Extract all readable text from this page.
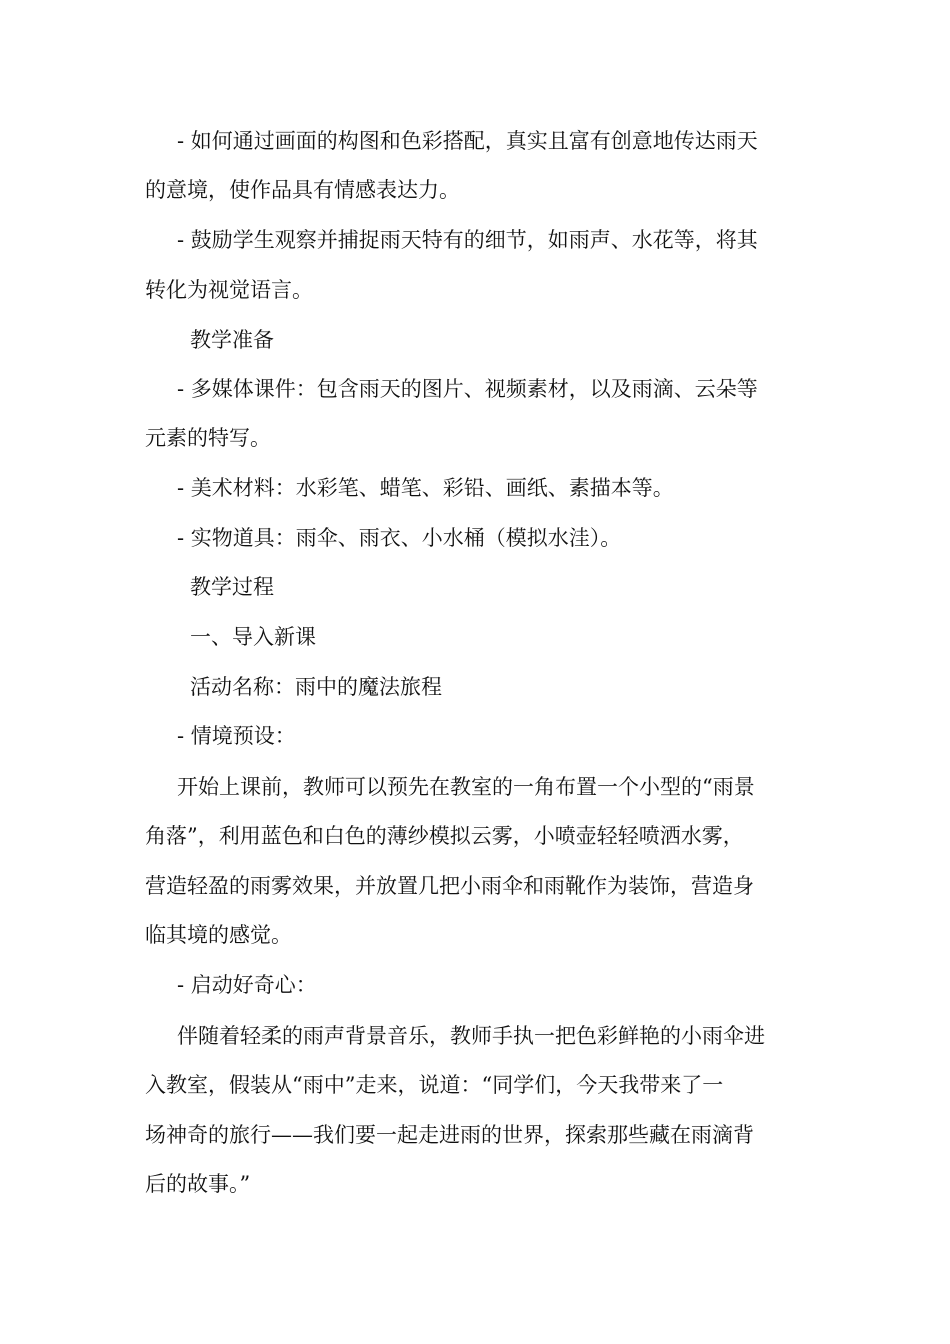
- 如何通过画面的构图和色彩搭配，真实且富有创意地传达雨天

的意境，使作品具有情感表达力。

- 鼓励学生观察并捕捉雨天特有的细节，如雨声、水花等，将其

转化为视觉语言。

教学准备

- 多媒体课件：包含雨天的图片、视频素材，以及雨滴、云朵等

元素的特写。

- 美术材料：水彩笔、蜡笔、彩铅、画纸、素描本等。

- 实物道具：雨伞、雨衣、小水桶（模拟水洼）。

教学过程

一、导入新课

活动名称：雨中的魔法旅程

- 情境预设：

开始上课前，教师可以预先在教室的一角布置一个小型的“雨景

角落”，利用蓝色和白色的薄纱模拟云雾，小喷壶轻轻喷洒水雾，

营造轻盈的雨雾效果，并放置几把小雨伞和雨靴作为装饰，营造身

临其境的感觉。

- 启动好奇心：

伴随着轻柔的雨声背景音乐，教师手执一把色彩鲜艳的小雨伞进

入教室，假装从“雨中”走来，说道：“同学们，今天我带来了一

场神奇的旅行——我们要一起走进雨的世界，探索那些藏在雨滴背

后的故事。”
